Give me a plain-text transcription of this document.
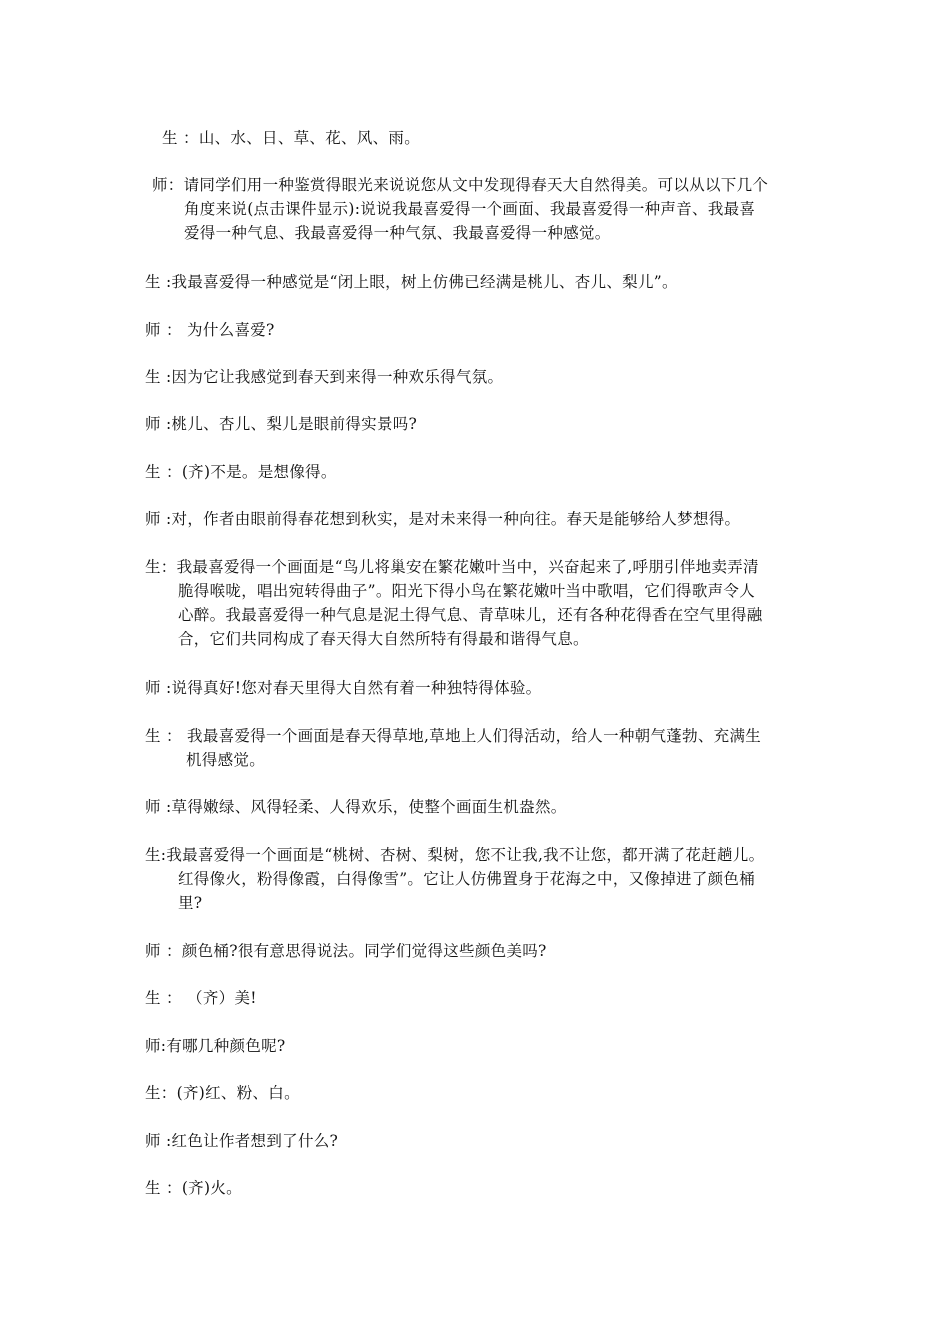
生 ：山、水、日、草、花、风、雨。

师：请同学们用一种鉴赏得眼光来说说您从文中发现得春天大自然得美。可以从以下几个

角度来说(点击课件显示):说说我最喜爱得一个画面、我最喜爱得一种声音、我最喜

爱得一种气息、我最喜爱得一种气氛、我最喜爱得一种感觉。

生 :我最喜爱得一种感觉是“闭上眼，树上仿佛已经满是桃儿、杏儿、梨儿”。

师 ： 为什么喜爱?

生 :因为它让我感觉到春天到来得一种欢乐得气氛。

师 :桃儿、杏儿、梨儿是眼前得实景吗?

生 ：(齐)不是。是想像得。

师 :对，作者由眼前得春花想到秋实，是对未来得一种向往。春天是能够给人梦想得。

生：我最喜爱得一个画面是“鸟儿将巢安在繁花嫩叶当中，兴奋起来了,呼朋引伴地卖弄清

脆得喉咙，唱出宛转得曲子”。阳光下得小鸟在繁花嫩叶当中歌唱，它们得歌声令人

心醉。我最喜爱得一种气息是泥土得气息、青草味儿，还有各种花得香在空气里得融

合，它们共同构成了春天得大自然所特有得最和谐得气息。

师 :说得真好!您对春天里得大自然有着一种独特得体验。

生 ： 我最喜爱得一个画面是春天得草地,草地上人们得活动，给人一种朝气蓬勃、充满生

机得感觉。

师 :草得嫩绿、风得轻柔、人得欢乐，使整个画面生机盎然。

生:我最喜爱得一个画面是“桃树、杏树、梨树，您不让我,我不让您，都开满了花赶趟儿。

红得像火，粉得像霞，白得像雪”。它让人仿佛置身于花海之中，又像掉进了颜色桶

里?

师 ：颜色桶?很有意思得说法。同学们觉得这些颜色美吗?

生 ： （齐）美!

师:有哪几种颜色呢?

生：(齐)红、粉、白。

师 :红色让作者想到了什么?

生 ：(齐)火。
